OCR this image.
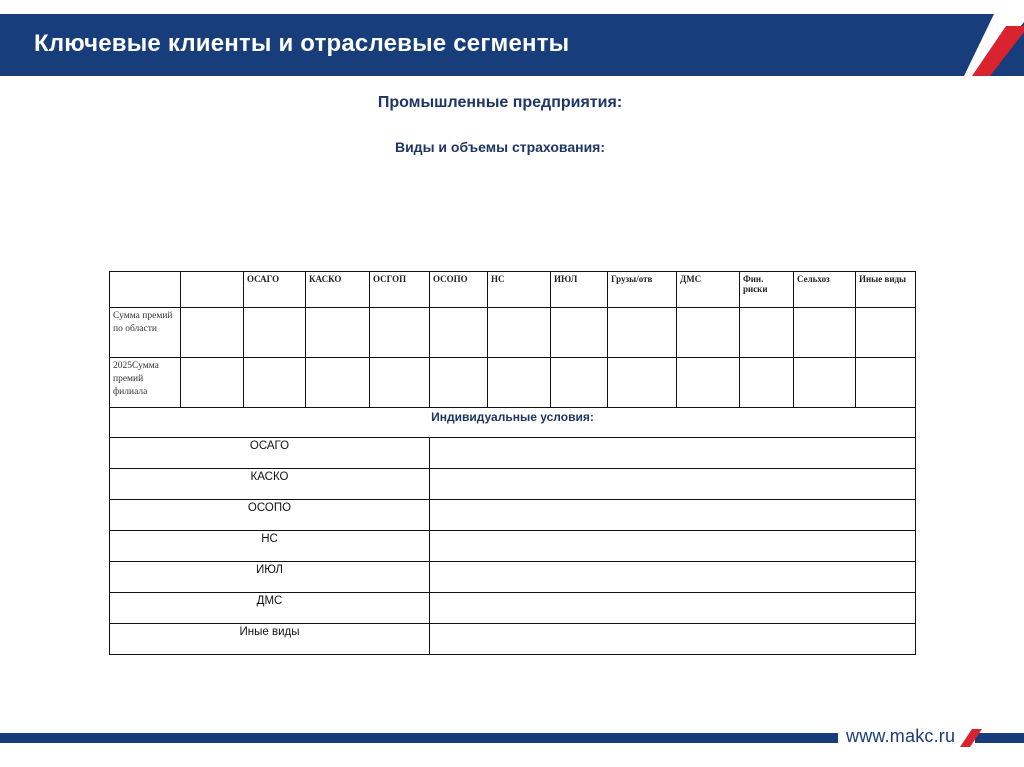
Ключевые клиенты и отраслевые сегменты
Промышленные предприятия:
Виды и объемы страхования:
		ОСАГО	КАСКО	ОСГОП	ОСОПО	НС	ИЮЛ	Грузы/отв	ДМС	Фин. риски	Сельхоз	Иные виды
Сумма премий по области												
2025Сумма премий филиала												
Индивидуальные условия:												
ОСАГО												
КАСКО												
ОСОПО												
НС												
ИЮЛ												
ДМС												
Иные виды												
www.makc.ru
